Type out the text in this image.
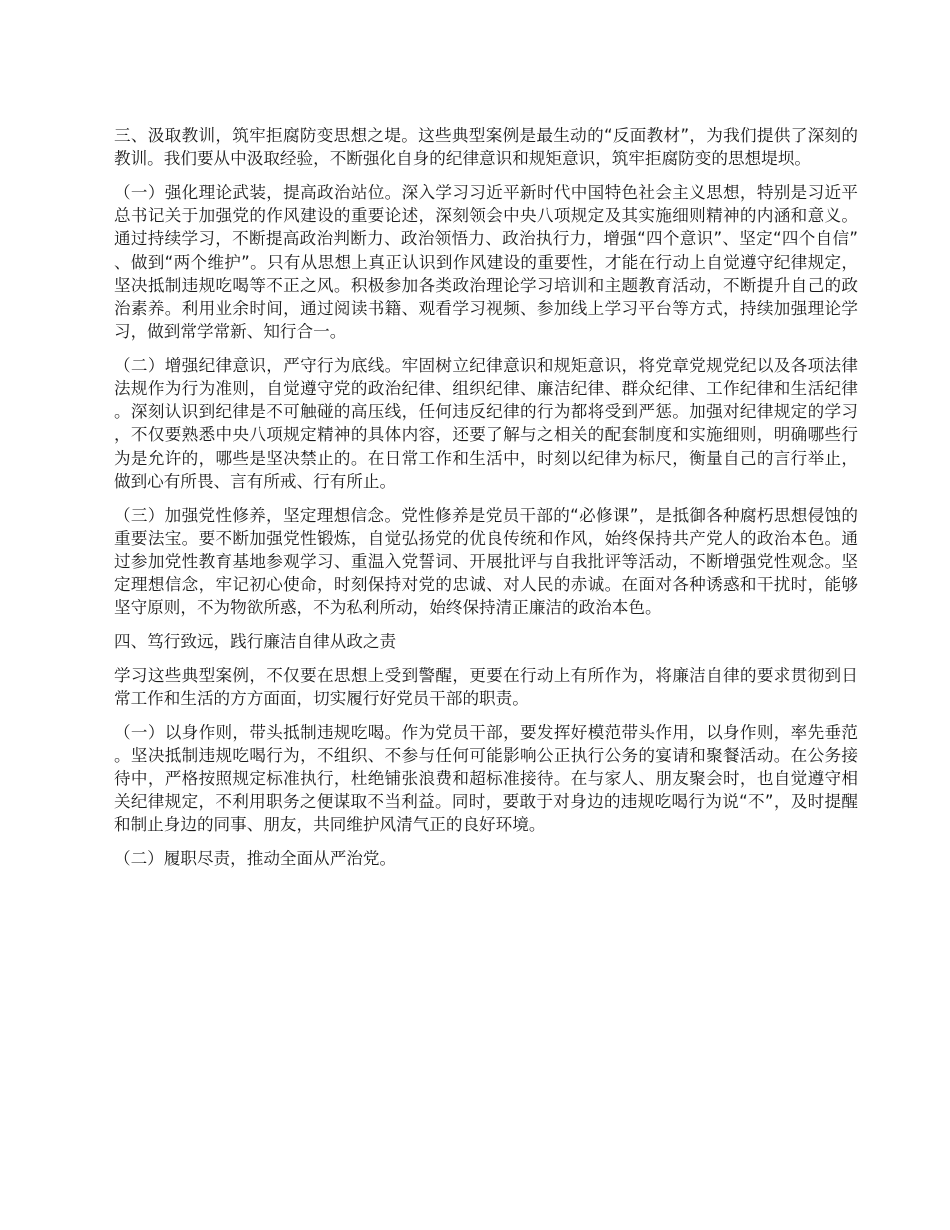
三、汲取教训，筑牢拒腐防变思想之堤。这些典型案例是最生动的“反面教材”，为我们提供了深刻的教训。我们要从中汲取经验，不断强化自身的纪律意识和规矩意识，筑牢拒腐防变的思想堤坝。

（一）强化理论武装，提高政治站位。深入学习习近平新时代中国特色社会主义思想，特别是习近平总书记关于加强党的作风建设的重要论述，深刻领会中央八项规定及其实施细则精神的内涵和意义。通过持续学习，不断提高政治判断力、政治领悟力、政治执行力，增强“四个意识”、坚定“四个自信”、做到“两个维护”。只有从思想上真正认识到作风建设的重要性，才能在行动上自觉遵守纪律规定，坚决抵制违规吃喝等不正之风。积极参加各类政治理论学习培训和主题教育活动，不断提升自己的政治素养。利用业余时间，通过阅读书籍、观看学习视频、参加线上学习平台等方式，持续加强理论学习，做到常学常新、知行合一。

（二）增强纪律意识，严守行为底线。牢固树立纪律意识和规矩意识，将党章党规党纪以及各项法律法规作为行为准则，自觉遵守党的政治纪律、组织纪律、廉洁纪律、群众纪律、工作纪律和生活纪律。深刻认识到纪律是不可触碰的高压线，任何违反纪律的行为都将受到严惩。加强对纪律规定的学习，不仅要熟悉中央八项规定精神的具体内容，还要了解与之相关的配套制度和实施细则，明确哪些行为是允许的，哪些是坚决禁止的。在日常工作和生活中，时刻以纪律为标尺，衡量自己的言行举止，做到心有所畏、言有所戒、行有所止。

（三）加强党性修养，坚定理想信念。党性修养是党员干部的“必修课”，是抵御各种腐朽思想侵蚀的重要法宝。要不断加强党性锻炼，自觉弘扬党的优良传统和作风，始终保持共产党人的政治本色。通过参加党性教育基地参观学习、重温入党誓词、开展批评与自我批评等活动，不断增强党性观念。坚定理想信念，牢记初心使命，时刻保持对党的忠诚、对人民的赤诚。在面对各种诱惑和干扰时，能够坚守原则，不为物欲所惑，不为私利所动，始终保持清正廉洁的政治本色。

四、笃行致远，践行廉洁自律从政之责

学习这些典型案例，不仅要在思想上受到警醒，更要在行动上有所作为，将廉洁自律的要求贯彻到日常工作和生活的方方面面，切实履行好党员干部的职责。

（一）以身作则，带头抵制违规吃喝。作为党员干部，要发挥好模范带头作用，以身作则，率先垂范。坚决抵制违规吃喝行为，不组织、不参与任何可能影响公正执行公务的宴请和聚餐活动。在公务接待中，严格按照规定标准执行，杜绝铺张浪费和超标准接待。在与家人、朋友聚会时，也自觉遵守相关纪律规定，不利用职务之便谋取不当利益。同时，要敢于对身边的违规吃喝行为说“不”，及时提醒和制止身边的同事、朋友，共同维护风清气正的良好环境。

（二）履职尽责，推动全面从严治党。
